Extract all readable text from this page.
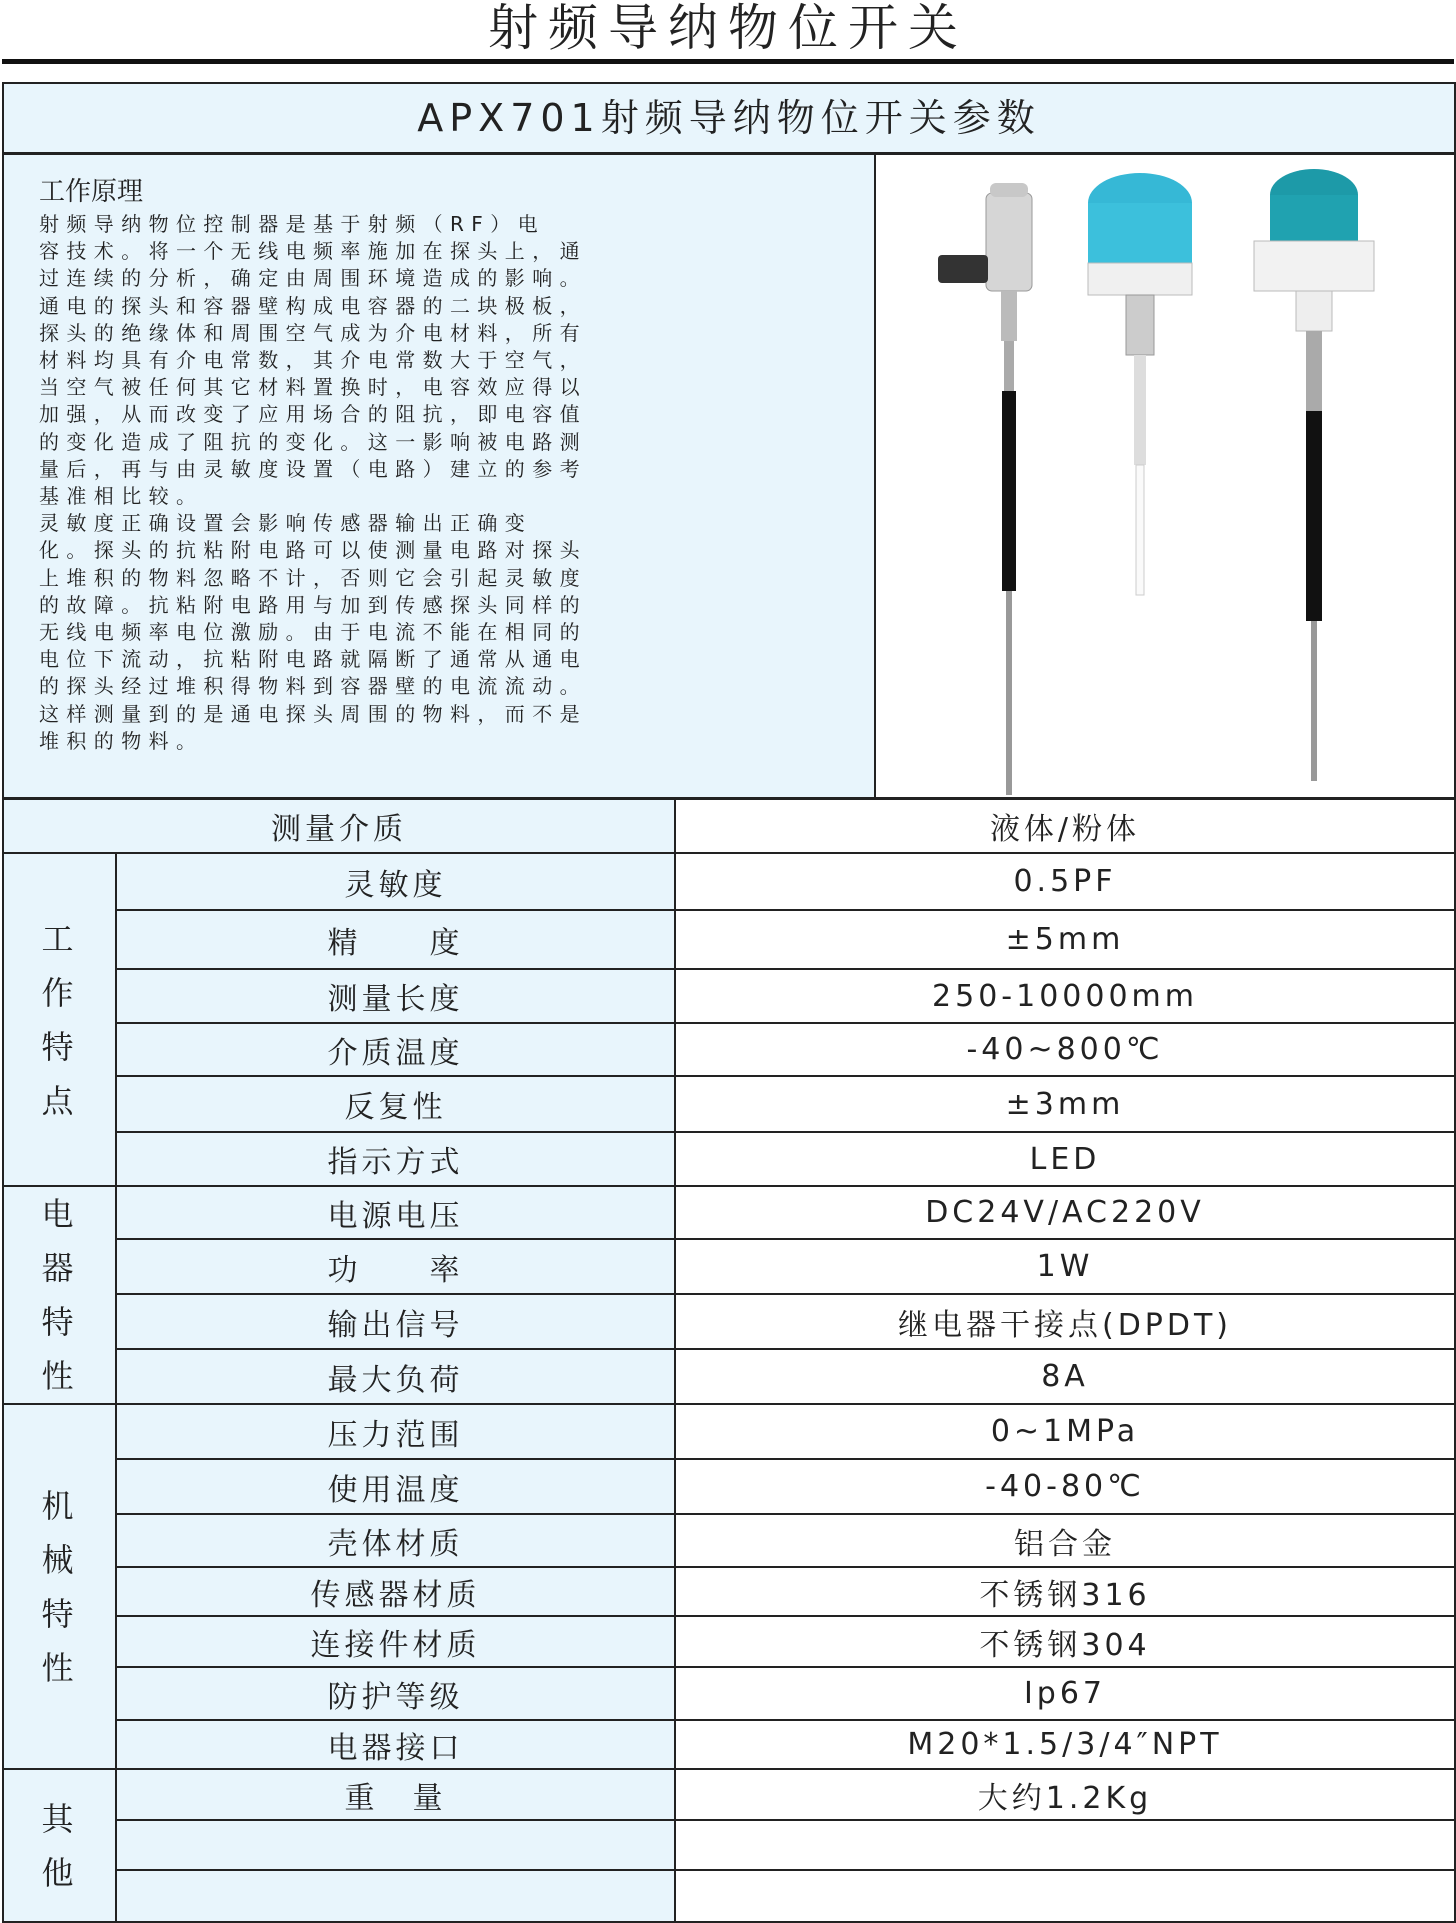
射频导纳物位开关
APX701射频导纳物位开关参数
工作原理
射频导纳物位控制器是基于射频（RF）电
容技术。将一个无线电频率施加在探头上，通
过连续的分析，确定由周围环境造成的影响。
通电的探头和容器壁构成电容器的二块极板，
探头的绝缘体和周围空气成为介电材料，所有
材料均具有介电常数，其介电常数大于空气，
当空气被任何其它材料置换时，电容效应得以
加强，从而改变了应用场合的阻抗，即电容值
的变化造成了阻抗的变化。这一影响被电路测
量后，再与由灵敏度设置（电路）建立的参考
基准相比较。
灵敏度正确设置会影响传感器输出正确变
化。探头的抗粘附电路可以使测量电路对探头
上堆积的物料忽略不计，否则它会引起灵敏度
的故障。抗粘附电路用与加到传感探头同样的
无线电频率电位激励。由于电流不能在相同的
电位下流动，抗粘附电路就隔断了通常从通电
的探头经过堆积得物料到容器壁的电流流动。
这样测量到的是通电探头周围的物料，而不是
堆积的物料。
测量介质		液体/粉体

工
作
特
点	灵敏度	0.5PF
	精　　度	±5mm
	测量长度	250-10000mm
	介质温度	-40~800℃
	反复性	±3mm
	指示方式	LED

电
器
特
性	电源电压	DC24V/AC220V
	功　　率	1W
	输出信号	继电器干接点(DPDT)
	最大负荷	8A

机
械
特
性	压力范围	0~1MPa
	使用温度	-40-80℃
	壳体材质	铝合金
	传感器材质	不锈钢316
	连接件材质	不锈钢304
	防护等级	Ip67
	电器接口	M20*1.5/3/4″NPT

其
他	重　量	大约1.2Kg
